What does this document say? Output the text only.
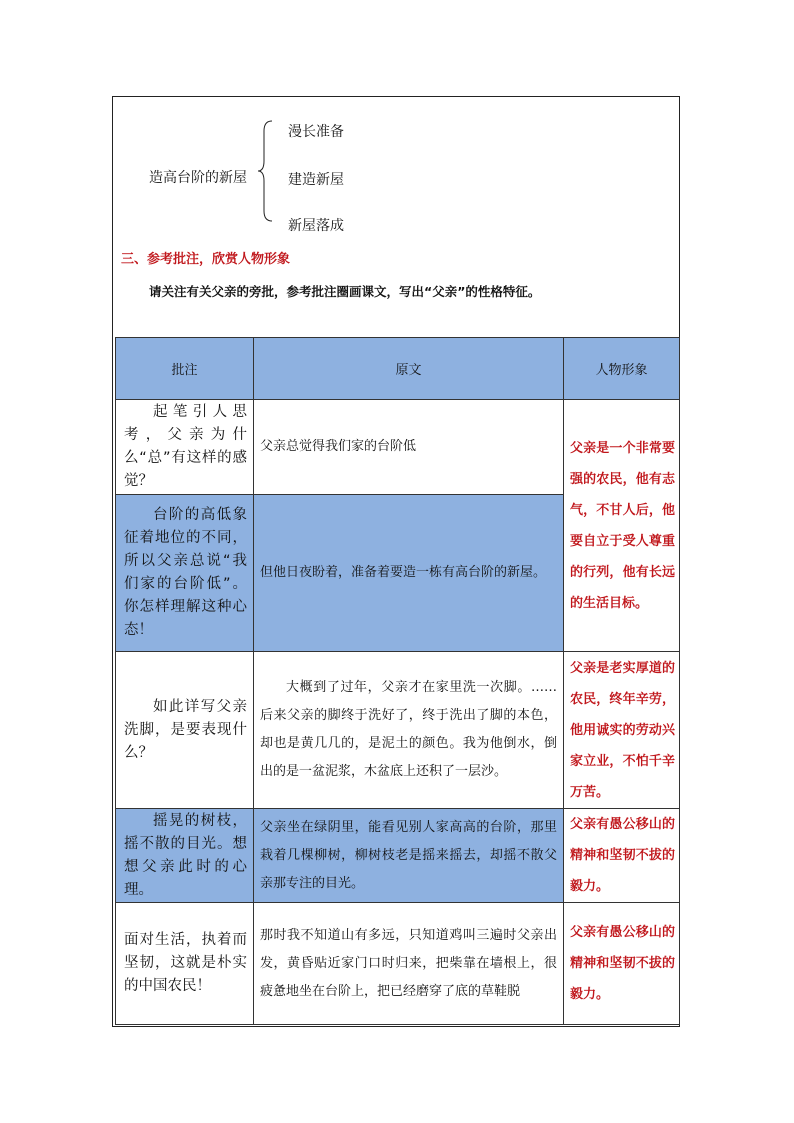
造高台阶的新屋
漫长准备
建造新屋
新屋落成
三、参考批注，欣赏人物形象
请关注有关父亲的旁批，参考批注圈画课文，写出“父亲”的性格特征。
批注	原文	人物形象
起笔引人思考，父亲为什么“总”有这样的感觉？	父亲总觉得我们家的台阶低	父亲是一个非常要强的农民，他有志气，不甘人后，他要自立于受人尊重的行列，他有长远的生活目标。
台阶的高低象征着地位的不同，所以父亲总说“我们家的台阶低”。你怎样理解这种心态！	但他日夜盼着，准备着要造一栋有高台阶的新屋。	
如此详写父亲洗脚，是要表现什么？	大概到了过年，父亲才在家里洗一次脚。……后来父亲的脚终于洗好了，终于洗出了脚的本色，却也是黄几几的，是泥土的颜色。我为他倒水，倒出的是一盆泥浆，木盆底上还积了一层沙。	父亲是老实厚道的农民，终年辛劳，他用诚实的劳动兴家立业，不怕千辛万苦。
摇晃的树枝，摇不散的目光。想想父亲此时的心理。	父亲坐在绿阴里，能看见别人家高高的台阶，那里栽着几棵柳树，柳树枝老是摇来摇去，却摇不散父亲那专注的目光。	父亲有愚公移山的精神和坚韧不拔的毅力。
面对生活，执着而坚韧，这就是朴实的中国农民！	那时我不知道山有多远，只知道鸡叫三遍时父亲出发，黄昏贴近家门口时归来，把柴靠在墙根上，很疲惫地坐在台阶上，把已经磨穿了底的草鞋脱	父亲有愚公移山的精神和坚韧不拔的毅力。
